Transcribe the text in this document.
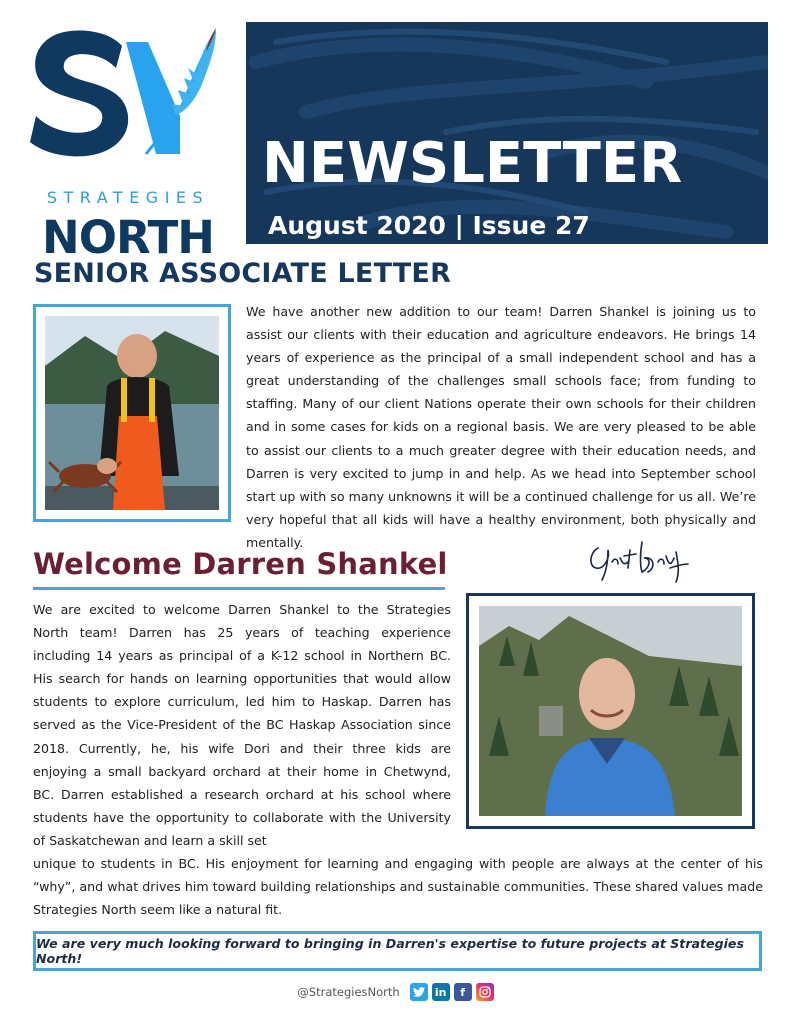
STRATEGIES
NORTH
NEWSLETTER
August 2020 | Issue 27
SENIOR ASSOCIATE LETTER
We have another new addition to our team! Darren Shankel is joining us to assist our clients with their education and agriculture endeavors. He brings 14 years of experience as the principal of a small independent school and has a great understanding of the challenges small schools face; from funding to staffing. Many of our client Nations operate their own schools for their children and in some cases for kids on a regional basis. We are very pleased to be able to assist our clients to a much greater degree with their education needs, and Darren is very excited to jump in and help. As we head into September school start up with so many unknowns it will be a continued challenge for us all. We’re very hopeful that all kids will have a healthy environment, both physically and mentally.
Welcome Darren Shankel

We are excited to welcome Darren Shankel to the Strategies North team! Darren has 25 years of teaching experience including 14 years as principal of a K-12 school in Northern BC. His search for hands on learning opportunities that would allow students to explore curriculum, led him to Haskap. Darren has served as the Vice-President of the BC Haskap Association since 2018. Currently, he, his wife Dori and their three kids are enjoying a small backyard orchard at their home in Chetwynd, BC. Darren established a research orchard at his school where students have the opportunity to collaborate with the University of Saskatchewan and learn a skill set

unique to students in BC. His enjoyment for learning and engaging with people are always at the center of his “why”, and what drives him toward building relationships and sustainable communities. These shared values made Strategies North seem like a natural fit.

We are very much looking forward to bringing in Darren's expertise to future projects at Strategies North!
@StrategiesNorth	in	f
